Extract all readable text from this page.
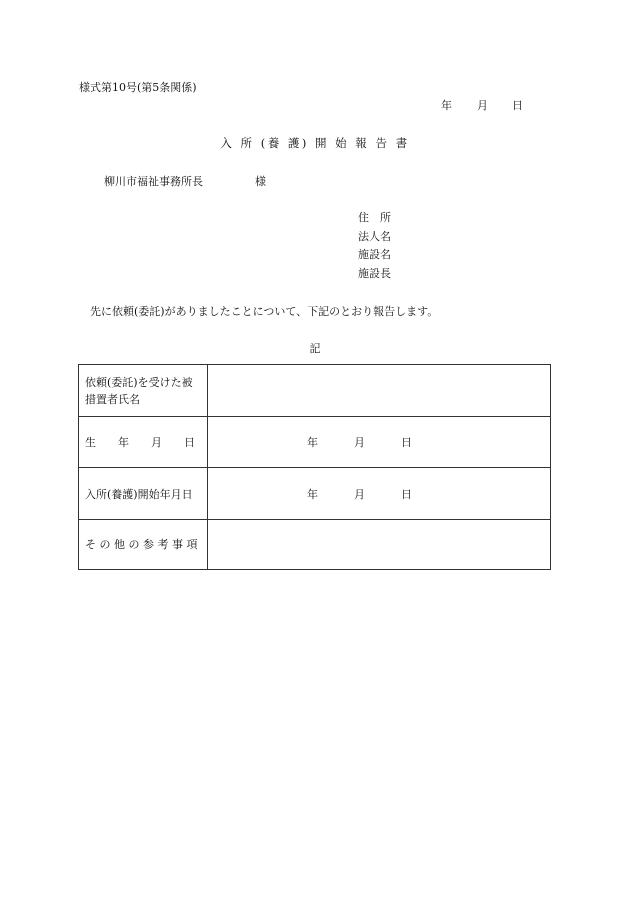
様式第10号(第5条関係)
年 月 日
入 所 (養 護) 開 始 報 告 書
柳川市福祉事務所長	様
住　所
法人名
施設名
施設長
先に依頼(委託)がありましたことについて、下記のとおり報告します。
記
依頼(委託)を受けた被
措置者氏名
生　　年　　月　　日	年	月	日
入所(養護)開始年月日	年	月	日
そ の 他 の 参 考 事 項
